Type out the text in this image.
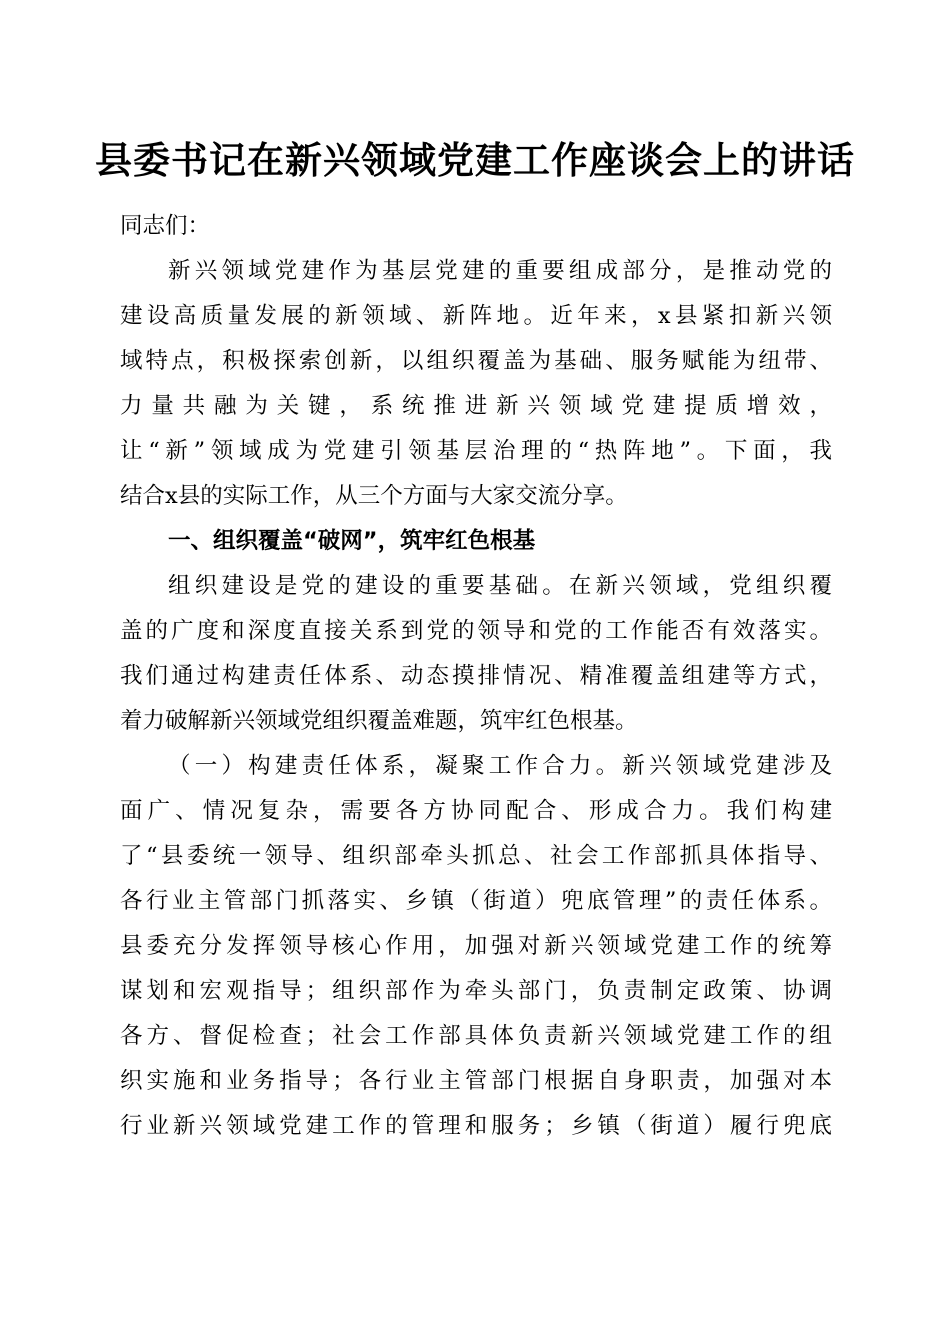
县委书记在新兴领域党建工作座谈会上的讲话
同志们：
新兴领域党建作为基层党建的重要组成部分，是推动党的
建设高质量发展的新领域、新阵地。近年来，x县紧扣新兴领
域特点，积极探索创新，以组织覆盖为基础、服务赋能为纽带、
力量共融为关键，系统推进新兴领域党建提质增效，
让“新”领域成为党建引领基层治理的“热阵地”。下面，我
结合x县的实际工作，从三个方面与大家交流分享。
一、组织覆盖“破网”，筑牢红色根基
组织建设是党的建设的重要基础。在新兴领域，党组织覆
盖的广度和深度直接关系到党的领导和党的工作能否有效落实。
我们通过构建责任体系、动态摸排情况、精准覆盖组建等方式，
着力破解新兴领域党组织覆盖难题，筑牢红色根基。
（一）构建责任体系，凝聚工作合力。新兴领域党建涉及
面广、情况复杂，需要各方协同配合、形成合力。我们构建
了“县委统一领导、组织部牵头抓总、社会工作部抓具体指导、
各行业主管部门抓落实、乡镇（街道）兜底管理”的责任体系。
县委充分发挥领导核心作用，加强对新兴领域党建工作的统筹
谋划和宏观指导；组织部作为牵头部门，负责制定政策、协调
各方、督促检查；社会工作部具体负责新兴领域党建工作的组
织实施和业务指导；各行业主管部门根据自身职责，加强对本
行业新兴领域党建工作的管理和服务；乡镇（街道）履行兜底
